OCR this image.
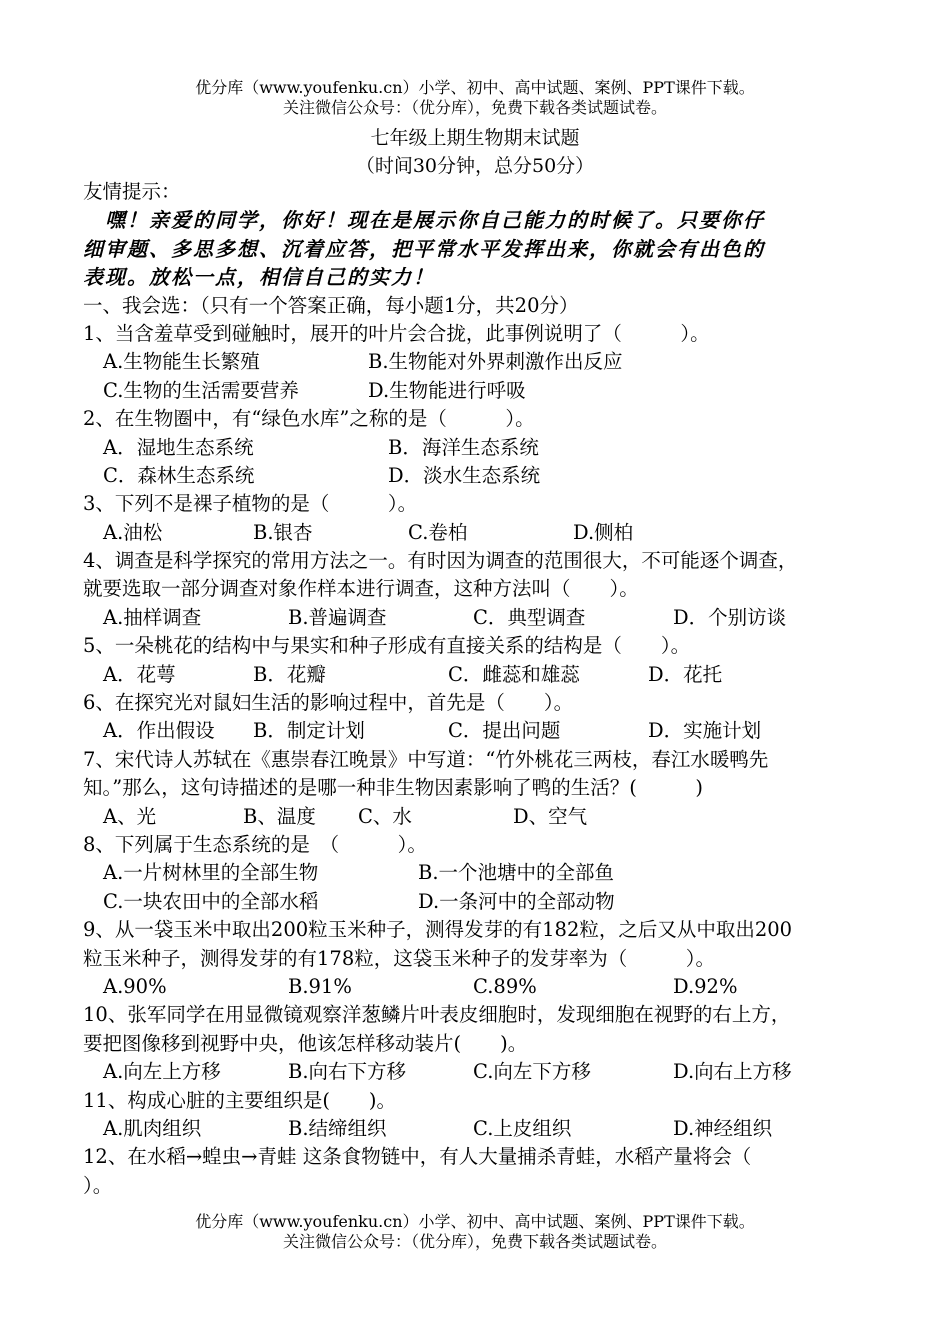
优分库（www.youfenku.cn）小学、初中、高中试题、案例、PPT课件下载。
关注微信公众号：（优分库），免费下载各类试题试卷。
七年级上期生物期末试题
（时间30分钟，总分50分）
友情提示：
嘿！亲爱的同学，你好！现在是展示你自己能力的时候了。只要你仔
细审题、多思多想、沉着应答，把平常水平发挥出来，你就会有出色的
表现。放松一点，相信自己的实力！
一、我会选：（只有一个答案正确，每小题1分，共20分）
1、当含羞草受到碰触时，展开的叶片会合拢，此事例说明了（　　　）。
A.生物能生长繁殖	B.生物能对外界刺激作出反应
C.生物的生活需要营养	D.生物能进行呼吸
2、在生物圈中，有“绿色水库”之称的是（　　　）。
A．湿地生态系统	B．海洋生态系统
C．森林生态系统	D．淡水生态系统
3、下列不是裸子植物的是（　　　）。
A.油松	B.银杏	C.卷柏	D.侧柏
4、调查是科学探究的常用方法之一。有时因为调查的范围很大，不可能逐个调查，
就要选取一部分调查对象作样本进行调查，这种方法叫（　　）。
A.抽样调查	B.普遍调查	C．典型调查	D．个别访谈
5、一朵桃花的结构中与果实和种子形成有直接关系的结构是（　　）。
A．花萼	B．花瓣	C．雌蕊和雄蕊	D．花托
6、在探究光对鼠妇生活的影响过程中，首先是（　　）。
A．作出假设	B．制定计划	C．提出问题	D．实施计划
7、宋代诗人苏轼在《惠崇春江晚景》中写道：“竹外桃花三两枝，春江水暖鸭先
知。”那么，这句诗描述的是哪一种非生物因素影响了鸭的生活？(　　　)
A、光	B、温度	C、水	D、空气
8、下列属于生态系统的是　（　　　）。
A.一片树林里的全部生物	B.一个池塘中的全部鱼
C.一块农田中的全部水稻	D.一条河中的全部动物
9、从一袋玉米中取出200粒玉米种子，测得发芽的有182粒，之后又从中取出200
粒玉米种子，测得发芽的有178粒，这袋玉米种子的发芽率为（　　　）。
A.90%	B.91%	C.89%	D.92%
10、张军同学在用显微镜观察洋葱鳞片叶表皮细胞时，发现细胞在视野的右上方，
要把图像移到视野中央，他该怎样移动装片(　　)。
A.向左上方移	B.向右下方移	C.向左下方移	D.向右上方移
11、构成心脏的主要组织是(　　)。
A.肌肉组织	B.结缔组织	C.上皮组织	D.神经组织
12、在水稻→蝗虫→青蛙 这条食物链中，有人大量捕杀青蛙，水稻产量将会（
）。
优分库（www.youfenku.cn）小学、初中、高中试题、案例、PPT课件下载。
关注微信公众号：（优分库），免费下载各类试题试卷。
